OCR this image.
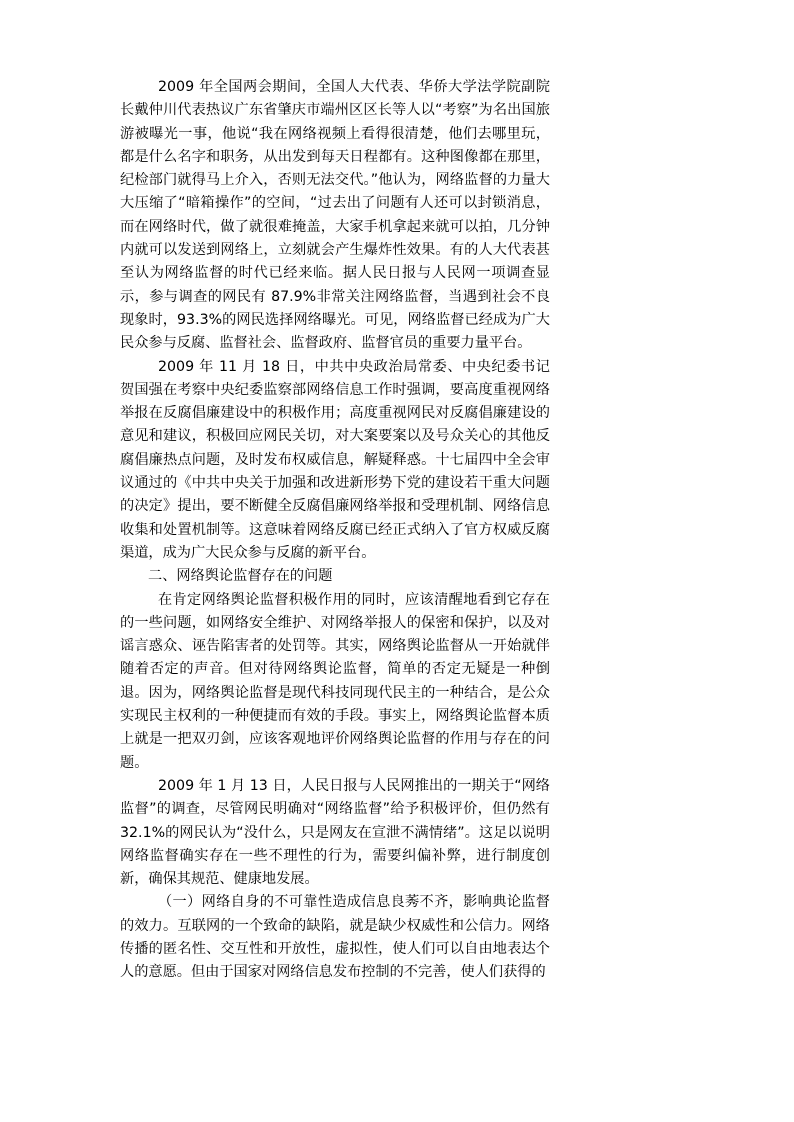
2009 年全国两会期间，全国人大代表、华侨大学法学院副院长戴仲川代表热议广东省肇庆市端州区区长等人以“考察”为名出国旅游被曝光一事，他说“我在网络视频上看得很清楚，他们去哪里玩，都是什么名字和职务，从出发到每天日程都有。这种图像都在那里，纪检部门就得马上介入，否则无法交代。”他认为，网络监督的力量大大压缩了“暗箱操作”的空间，“过去出了问题有人还可以封锁消息，而在网络时代，做了就很难掩盖，大家手机拿起来就可以拍，几分钟内就可以发送到网络上，立刻就会产生爆炸性效果。有的人大代表甚至认为网络监督的时代已经来临。据人民日报与人民网一项调查显示，参与调查的网民有 87.9%非常关注网络监督，当遇到社会不良现象时，93.3%的网民选择网络曝光。可见，网络监督已经成为广大民众参与反腐、监督社会、监督政府、监督官员的重要力量平台。

2009 年 11 月 18 日，中共中央政治局常委、中央纪委书记贺国强在考察中央纪委监察部网络信息工作时强调，要高度重视网络举报在反腐倡廉建设中的积极作用；高度重视网民对反腐倡廉建设的意见和建议，积极回应网民关切，对大案要案以及号众关心的其他反腐倡廉热点问题，及时发布权威信息，解疑释惑。十七届四中全会审议通过的《中共中央关于加强和改进新形势下党的建设若干重大问题的决定》提出，要不断健全反腐倡廉网络举报和受理机制、网络信息收集和处置机制等。这意味着网络反腐已经正式纳入了官方权威反腐渠道，成为广大民众参与反腐的新平台。

二、网络舆论监督存在的问题

在肯定网络舆论监督积极作用的同时，应该清醒地看到它存在的一些问题，如网络安全维护、对网络举报人的保密和保护，以及对谣言惑众、诬告陷害者的处罚等。其实，网络舆论监督从一开始就伴随着否定的声音。但对待网络舆论监督，简单的否定无疑是一种倒退。因为，网络舆论监督是现代科技同现代民主的一种结合，是公众实现民主权利的一种便捷而有效的手段。事实上，网络舆论监督本质上就是一把双刃剑，应该客观地评价网络舆论监督的作用与存在的问题。

2009 年 1 月 13 日，人民日报与人民网推出的一期关于“网络监督”的调查，尽管网民明确对“网络监督”给予积极评价，但仍然有 32.1%的网民认为“没什么，只是网友在宣泄不满情绪”。这足以说明网络监督确实存在一些不理性的行为，需要纠偏补弊，进行制度创新，确保其规范、健康地发展。

（一）网络自身的不可靠性造成信息良莠不齐，影响典论监督的效力。互联网的一个致命的缺陷，就是缺少权威性和公信力。网络传播的匿名性、交互性和开放性，虚拟性，使人们可以自由地表达个人的意愿。但由于国家对网络信息发布控制的不完善，使人们获得的
